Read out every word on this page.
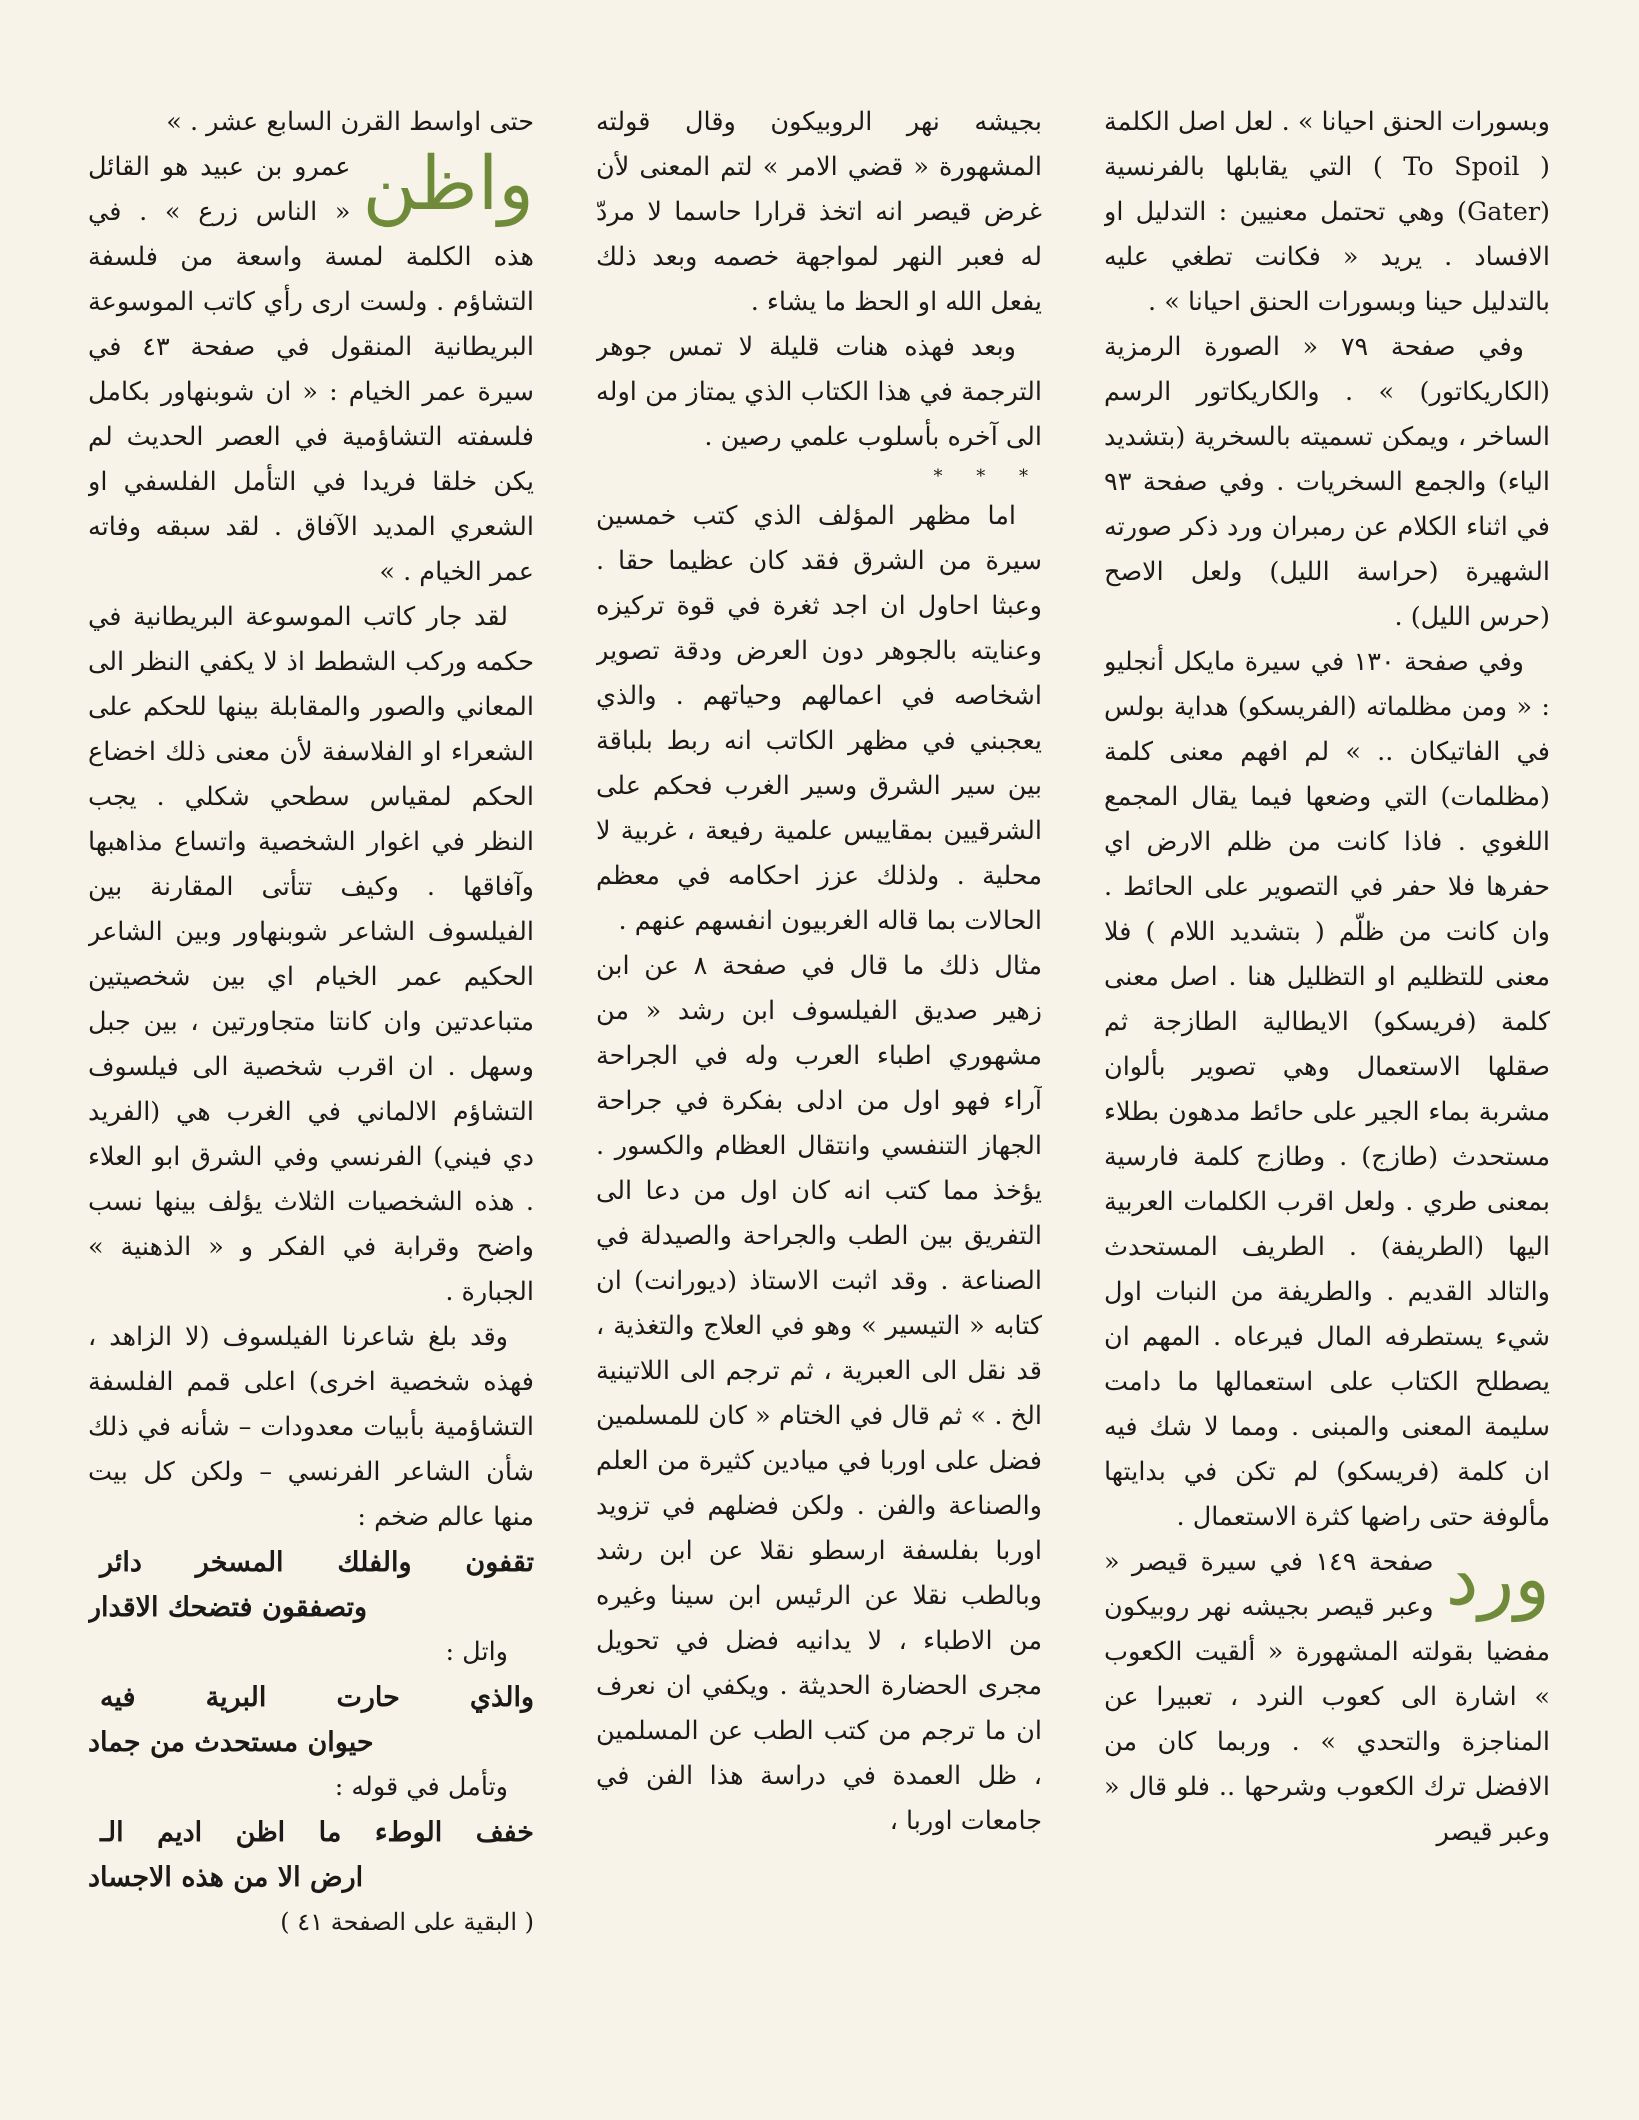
وبسورات الحنق احيانا » . لعل اصل الكلمة ( To Spoil ) التي يقابلها بالفرنسية (Gater) وهي تحتمل معنيين : التدليل او الافساد . يريد « فكانت تطغي عليه بالتدليل حينا وبسورات الحنق احيانا » .

وفي صفحة ٧٩ « الصورة الرمزية (الكاريكاتور) » . والكاريكاتور الرسم الساخر ، ويمكن تسميته بالسخرية (بتشديد الياء) والجمع السخريات . وفي صفحة ٩٣ في اثناء الكلام عن رمبران ورد ذكر صورته الشهيرة (حراسة الليل) ولعل الاصح (حرس الليل) .

وفي صفحة ١٣٠ في سيرة مايكل أنجليو : « ومن مظلماته (الفريسكو) هداية بولس في الفاتيكان .. » لم افهم معنى كلمة (مظلمات) التي وضعها فيما يقال المجمع اللغوي . فاذا كانت من ظلم الارض اي حفرها فلا حفر في التصوير على الحائط . وان كانت من ظلّم ( بتشديد اللام ) فلا معنى للتظليم او التظليل هنا . اصل معنى كلمة (فريسكو) الايطالية الطازجة ثم صقلها الاستعمال وهي تصوير بألوان مشربة بماء الجير على حائط مدهون بطلاء مستحدث (طازج) . وطازج كلمة فارسية بمعنى طري . ولعل اقرب الكلمات العربية اليها (الطريفة) . الطريف المستحدث والتالد القديم . والطريفة من النبات اول شيء يستطرفه المال فيرعاه . المهم ان يصطلح الكتاب على استعمالها ما دامت سليمة المعنى والمبنى . ومما لا شك فيه ان كلمة (فريسكو) لم تكن في بدايتها مألوفة حتى راضها كثرة الاستعمال .

ورد
صفحة ١٤٩ في سيرة قيصر « وعبر قيصر بجيشه نهر روبيكون مفضيا بقولته المشهورة « ألقيت الكعوب » اشارة الى كعوب النرد ، تعبيرا عن المناجزة والتحدي » . وربما كان من الافضل ترك الكعوب وشرحها .. فلو قال « وعبر قيصر

بجيشه نهر الروبيكون وقال قولته المشهورة « قضي الامر » لتم المعنى لأن غرض قيصر انه اتخذ قرارا حاسما لا مردّ له فعبر النهر لمواجهة خصمه وبعد ذلك يفعل الله او الحظ ما يشاء .

وبعد فهذه هنات قليلة لا تمس جوهر الترجمة في هذا الكتاب الذي يمتاز من اوله الى آخره بأسلوب علمي رصين .

* * *

اما مظهر المؤلف الذي كتب خمسين سيرة من الشرق فقد كان عظيما حقا . وعبثا احاول ان اجد ثغرة في قوة تركيزه وعنايته بالجوهر دون العرض ودقة تصوير اشخاصه في اعمالهم وحياتهم . والذي يعجبني في مظهر الكاتب انه ربط بلباقة بين سير الشرق وسير الغرب فحكم على الشرقيين بمقاييس علمية رفيعة ، غربية لا محلية . ولذلك عزز احكامه في معظم الحالات بما قاله الغربيون انفسهم عنهم .

مثال ذلك ما قال في صفحة ٨ عن ابن زهير صديق الفيلسوف ابن رشد « من مشهوري اطباء العرب وله في الجراحة آراء فهو اول من ادلى بفكرة في جراحة الجهاز التنفسي وانتقال العظام والكسور . يؤخذ مما كتب انه كان اول من دعا الى التفريق بين الطب والجراحة والصيدلة في الصناعة . وقد اثبت الاستاذ (ديورانت) ان كتابه « التيسير » وهو في العلاج والتغذية ، قد نقل الى العبرية ، ثم ترجم الى اللاتينية الخ . » ثم قال في الختام « كان للمسلمين فضل على اوربا في ميادين كثيرة من العلم والصناعة والفن . ولكن فضلهم في تزويد اوربا بفلسفة ارسطو نقلا عن ابن رشد وبالطب نقلا عن الرئيس ابن سينا وغيره من الاطباء ، لا يدانيه فضل في تحويل مجرى الحضارة الحديثة . ويكفي ان نعرف ان ما ترجم من كتب الطب عن المسلمين ، ظل العمدة في دراسة هذا الفن في جامعات اوربا ،

حتى اواسط القرن السابع عشر . »

واظن
عمرو بن عبيد هو القائل « الناس زرع » . في هذه الكلمة لمسة واسعة من فلسفة التشاؤم . ولست ارى رأي كاتب الموسوعة البريطانية المنقول في صفحة ٤٣ في سيرة عمر الخيام : « ان شوبنهاور بكامل فلسفته التشاؤمية في العصر الحديث لم يكن خلقا فريدا في التأمل الفلسفي او الشعري المديد الآفاق . لقد سبقه وفاته عمر الخيام . »

لقد جار كاتب الموسوعة البريطانية في حكمه وركب الشطط اذ لا يكفي النظر الى المعاني والصور والمقابلة بينها للحكم على الشعراء او الفلاسفة لأن معنى ذلك اخضاع الحكم لمقياس سطحي شكلي . يجب النظر في اغوار الشخصية واتساع مذاهبها وآفاقها . وكيف تتأتى المقارنة بين الفيلسوف الشاعر شوبنهاور وبين الشاعر الحكيم عمر الخيام اي بين شخصيتين متباعدتين وان كانتا متجاورتين ، بين جبل وسهل . ان اقرب شخصية الى فيلسوف التشاؤم الالماني في الغرب هي (الفريد دي فيني) الفرنسي وفي الشرق ابو العلاء . هذه الشخصيات الثلاث يؤلف بينها نسب واضح وقرابة في الفكر و « الذهنية » الجبارة .

وقد بلغ شاعرنا الفيلسوف (لا الزاهد ، فهذه شخصية اخرى) اعلى قمم الفلسفة التشاؤمية بأبيات معدودات – شأنه في ذلك شأن الشاعر الفرنسي – ولكن كل بيت منها عالم ضخم :

تقفون والفلك المسخر دائر

وتصفقون فتضحك الاقدار

واتل :

والذي حارت البرية فيه

حيوان مستحدث من جماد

وتأمل في قوله :

خفف الوطء ما اظن اديم الـ

ارض الا من هذه الاجساد

( البقية على الصفحة ٤١ )
